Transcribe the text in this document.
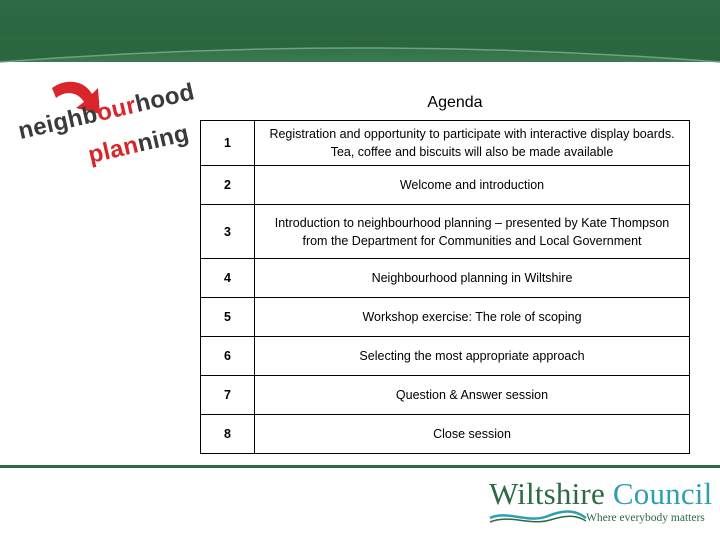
neighbourhood
planning
Agenda
1	Registration and opportunity to participate with interactive display boards. Tea, coffee and biscuits will also be made available
2	Welcome and introduction
3	Introduction to neighbourhood planning – presented by Kate Thompson from the Department for Communities and Local Government
4	Neighbourhood planning in Wiltshire
5	Workshop exercise: The role of scoping
6	Selecting the most appropriate approach
7	Question & Answer session
8	Close session
Wiltshire Council
Where everybody matters
